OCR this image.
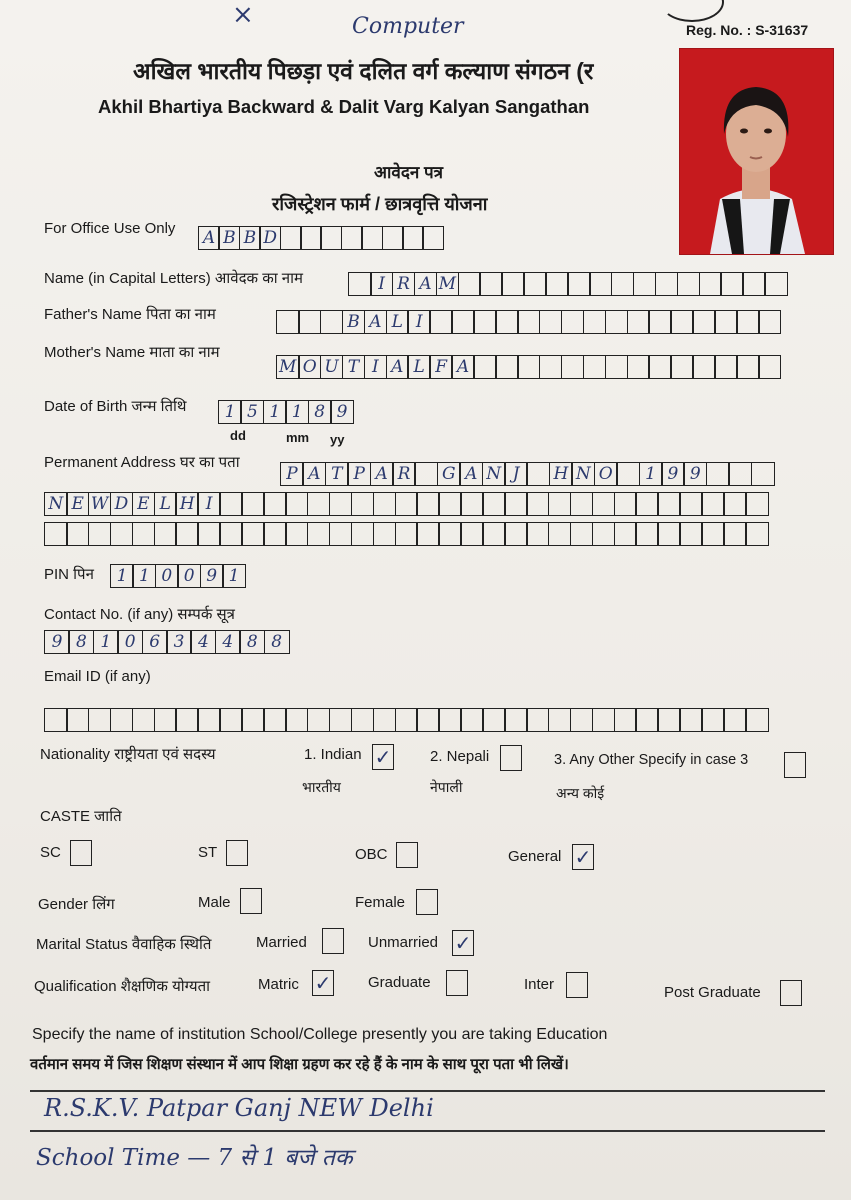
×	Computer	Reg. No. : S-31637
अखिल भारतीय पिछड़ा एवं दलित वर्ग कल्याण संगठन (र
Akhil Bhartiya Backward & Dalit Varg Kalyan Sangathan
आवेदन पत्र
रजिस्ट्रेशन फार्म / छात्रवृत्ति योजना
For Office Use Only A B B D
Name (in Capital Letters) आवेदक का नाम	I R A M
Father's Name पिता का नाम	B A L I
Mother's Name माता का नाम
M O U T I A L F A
Date of Birth जन्म तिथि	1 5 1 1 8 9
dd	mm yy
Permanent Address घर का पता
P A T P A R	G A N J	H N O	1 9 9
N E W D E L H I
PIN पिन	1 1 0 0 9 1
Contact No. (if any) सम्पर्क सूत्र
9 8 1 0 6 3 4 4 8 8
Email ID (if any)
Nationality राष्ट्रीयता एवं सदस्य	1. Indian ✓
भारतीय
2. Nepali
नेपाली
3. Any Other Specify in case 3
अन्य कोई
CASTE जाति
SC	ST	OBC	General ✓
Gender लिंग	Male	Female
Marital Status वैवाहिक स्थिति	Married	Unmarried ✓
Qualification शैक्षणिक योग्यता	Matric ✓ Graduate	Inter	Post Graduate
Specify the name of institution School/College presently you are taking Education
वर्तमान समय में जिस शिक्षण संस्थान में आप शिक्षा ग्रहण कर रहे हैं के नाम के साथ पूरा पता भी लिखें।
R.S.K.V. Patpar Ganj NEW Delhi
School Time — 7 से 1 बजे तक
